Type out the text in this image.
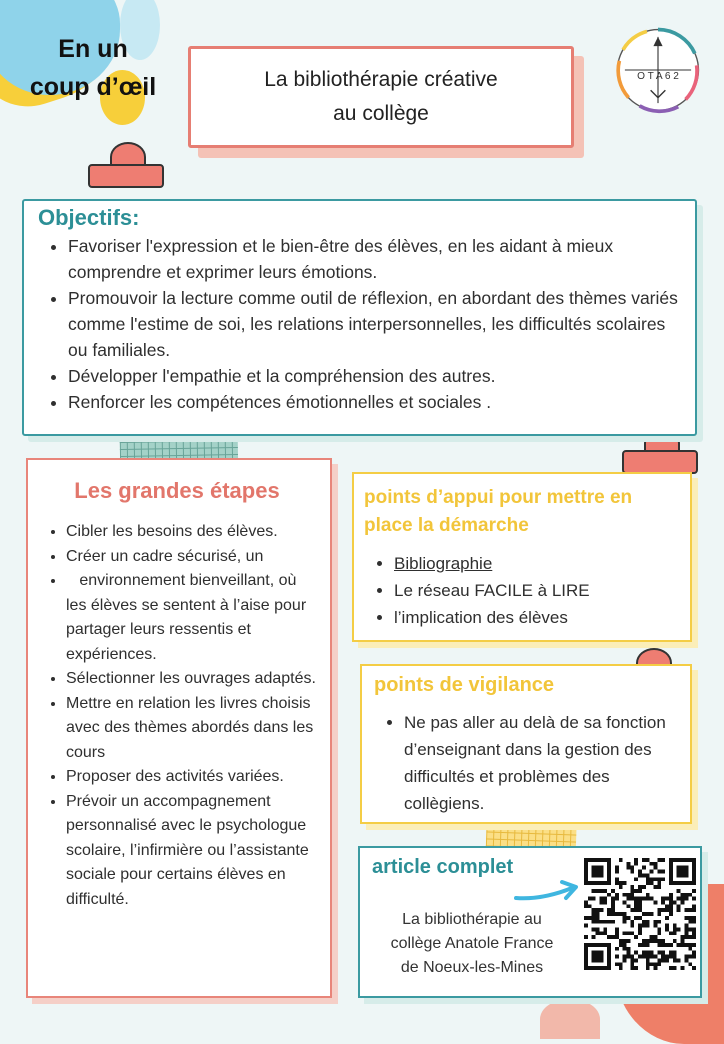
En un
coup d’œil	La bibliothérapie créative
au collège
O T A 6 2
Objectifs:
• Favoriser l'expression et le bien-être des élèves, en les aidant à mieux comprendre et exprimer leurs émotions.
• Promouvoir la lecture comme outil de réflexion, en abordant des thèmes variés comme l'estime de soi, les relations interpersonnelles, les difficultés scolaires ou familiales.
• Développer l'empathie et la compréhension des autres.
• Renforcer les compétences émotionnelles et sociales .
Les grandes étapes
• Cibler les besoins des élèves.
• Créer un cadre sécurisé, un
•    environnement bienveillant, où les élèves se sentent à l’aise pour partager leurs ressentis et expériences.
• Sélectionner les ouvrages adaptés.
• Mettre en relation les livres choisis avec des thèmes abordés dans les cours
• Proposer des activités variées.
• Prévoir un accompagnement personnalisé avec le psychologue scolaire, l’infirmière ou l’assistante sociale pour certains élèves en difficulté.
points d’appui pour mettre en place la démarche
• Bibliographie
• Le réseau FACILE à LIRE
• l’implication des élèves
points de vigilance
• Ne pas aller au delà de sa fonction d’enseignant dans la gestion des difficultés et problèmes des collègiens.
article complet
La bibliothérapie au
collège Anatole France
de Noeux-les-Mines
